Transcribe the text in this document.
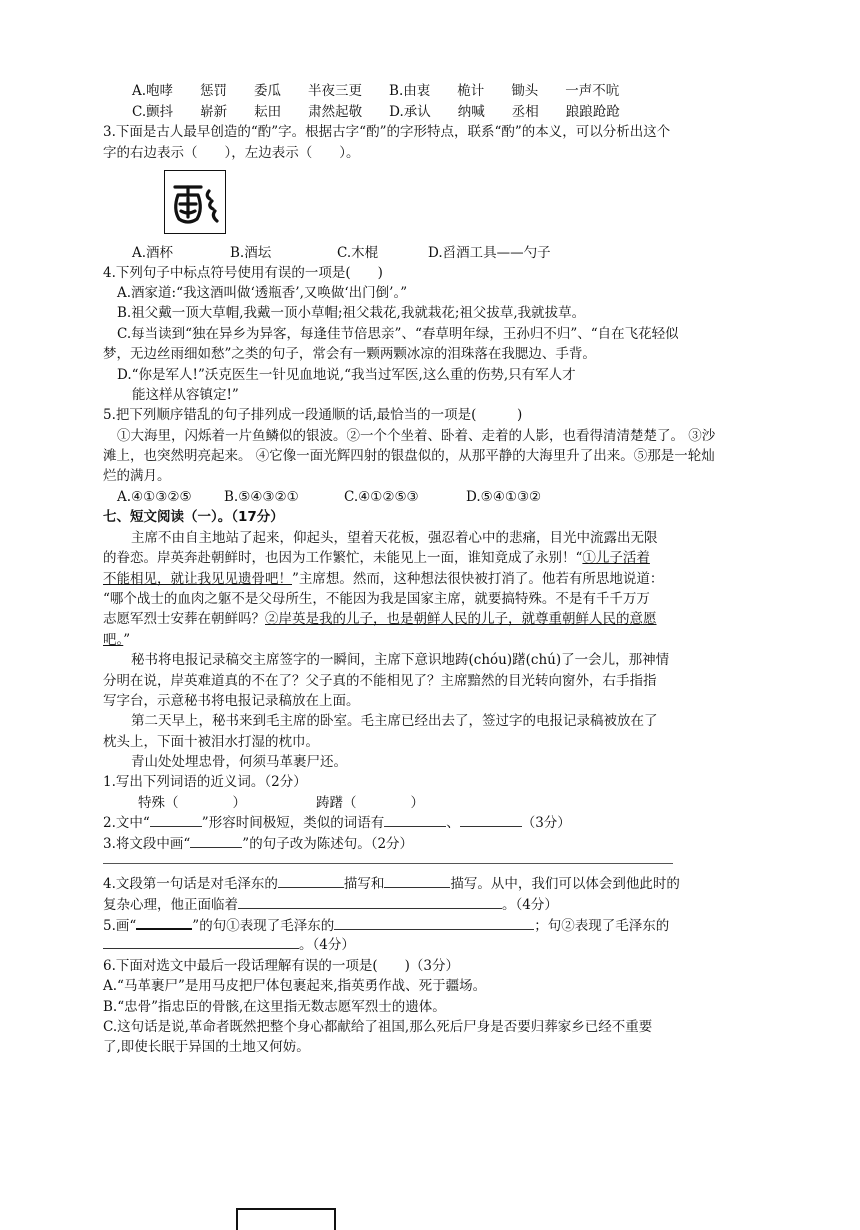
A.咆哮　　惩罚　　委瓜　　半夜三更　　B.由衷　　桅计　　锄头　　一声不吭
C.颤抖　　崭新　　耘田　　肃然起敬　　D.承认　　纳喊　　丞相　　踉踉跄跄
3.下面是古人最早创造的“酌”字。根据古字“酌”的字形特点，联系“酌”的本义，可以分析出这个
字的右边表示（　　），左边表示（　　）。
A.酒杯	B.酒坛	C.木棍	D.舀酒工具——勺子
4.下列句子中标点符号使用有误的一项是(　　)
A.酒家道:“我这酒叫做‘透瓶香’,又唤做‘出门倒’。”
B.祖父戴一顶大草帽,我戴一顶小草帽;祖父栽花,我就栽花;祖父拔草,我就拔草。
C.每当读到“独在异乡为异客，每逢佳节倍思亲”、“春草明年绿，王孙归不归”、“自在飞花轻似
梦，无边丝雨细如愁”之类的句子，常会有一颗两颗冰凉的泪珠落在我腮边、手背。
D.“你是军人!”沃克医生一针见血地说,“我当过军医,这么重的伤势,只有军人才
能这样从容镇定!”
5.把下列顺序错乱的句子排列成一段通顺的话,最恰当的一项是(　　　)
①大海里，闪烁着一片鱼鳞似的银波。②一个个坐着、卧着、走着的人影，也看得清清楚楚了。 ③沙
滩上，也突然明亮起来。 ④它像一面光辉四射的银盘似的，从那平静的大海里升了出来。⑤那是一轮灿
烂的满月。
A.④①③②⑤ B.⑤④③②①	C.④①②⑤③	D.⑤④①③②
七、短文阅读（一）。（17分）
主席不由自主地站了起来，仰起头，望着天花板，强忍着心中的悲痛，目光中流露出无限
的眷恋。岸英奔赴朝鲜时，也因为工作繁忙，未能见上一面，谁知竟成了永别！“①儿子活着
不能相见，就让我见见遗骨吧！”主席想。然而，这种想法很快被打消了。他若有所思地说道：
“哪个战士的血肉之躯不是父母所生，不能因为我是国家主席，就要搞特殊。不是有千千万万
志愿军烈士安葬在朝鲜吗？②岸英是我的儿子，也是朝鲜人民的儿子，就尊重朝鲜人民的意愿
吧。”
秘书将电报记录稿交主席签字的一瞬间，主席下意识地踌(chóu)躇(chú)了一会儿，那神情
分明在说，岸英难道真的不在了？父子真的不能相见了？主席黯然的目光转向窗外，右手指指
写字台，示意秘书将电报记录稿放在上面。
第二天早上，秘书来到毛主席的卧室。毛主席已经出去了，签过字的电报记录稿被放在了
枕头上，下面十被泪水打湿的枕巾。
青山处处埋忠骨，何须马革裹尸还。
1.写出下列词语的近义词。（2分）
特殊（　　　　）	踌躇（　　　　）
2.文中“	”形容时间极短，类似的词语有	、	（3分）
3.将文段中画“	”的句子改为陈述句。（2分）
4.文段第一句话是对毛泽东的	描写和	描写。从中，我们可以体会到他此时的
复杂心理，他正面临着	。（4分）
5.画“	”的句①表现了毛泽东的	；句②表现了毛泽东的
。（4分）
6.下面对选文中最后一段话理解有误的一项是(　　)（3分）
A.“马革裹尸”是用马皮把尸体包裹起来,指英勇作战、死于疆场。
B.“忠骨”指忠臣的骨骸,在这里指无数志愿军烈士的遗体。
C.这句话是说,革命者既然把整个身心都献给了祖国,那么死后尸身是否要归葬家乡已经不重要
了,即使长眠于异国的土地又何妨。
